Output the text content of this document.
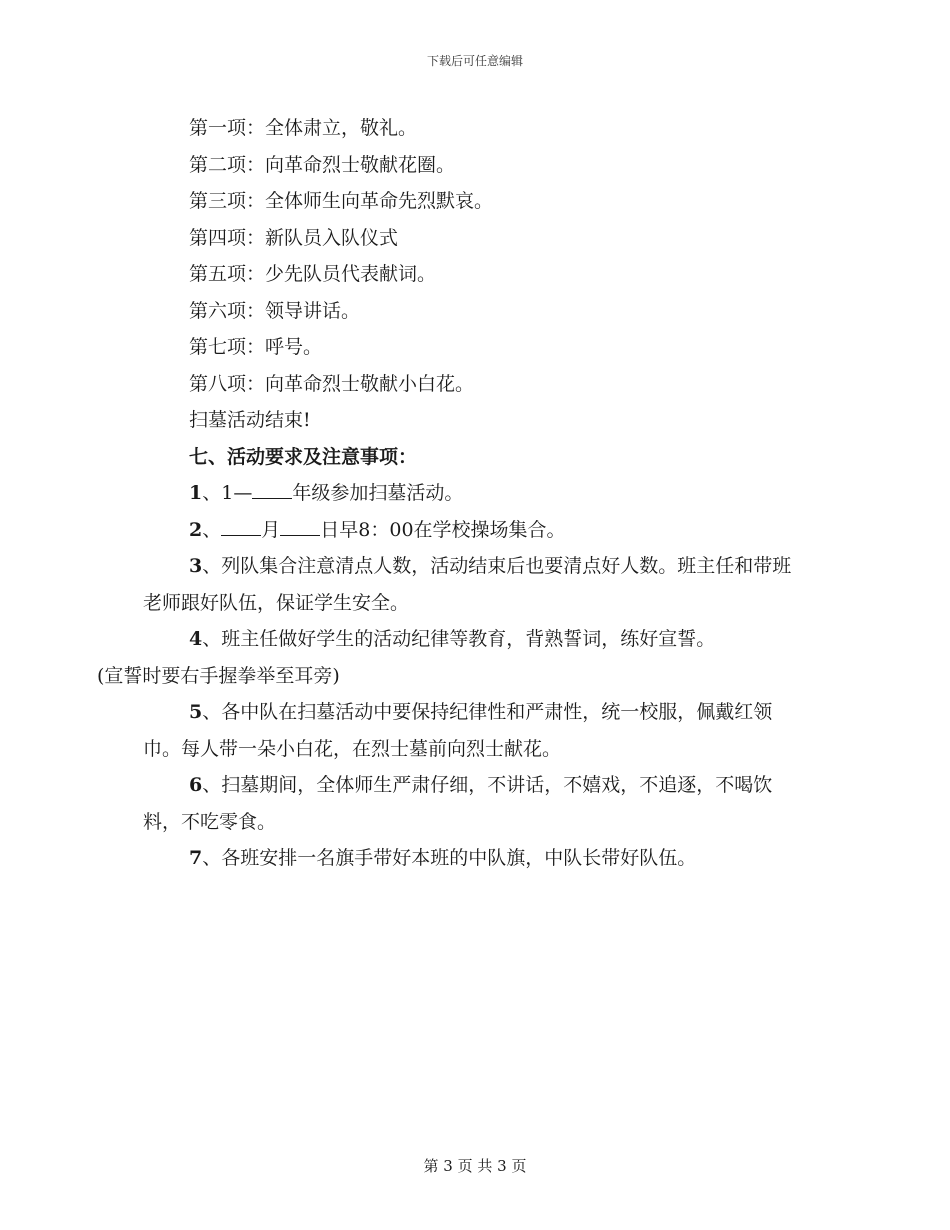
下载后可任意编辑
第一项：全体肃立，敬礼。
第二项：向革命烈士敬献花圈。
第三项：全体师生向革命先烈默哀。
第四项：新队员入队仪式
第五项：少先队员代表献词。
第六项：领导讲话。
第七项：呼号。
第八项：向革命烈士敬献小白花。
扫墓活动结束!
七、活动要求及注意事项：
1、1— 年级参加扫墓活动。
2、 月 日早8：00在学校操场集合。
3、列队集合注意清点人数，活动结束后也要清点好人数。班主任和带班老师跟好队伍，保证学生安全。
4、班主任做好学生的活动纪律等教育，背熟誓词，练好宣誓。
(宣誓时要右手握拳举至耳旁)
5、各中队在扫墓活动中要保持纪律性和严肃性，统一校服，佩戴红领巾。每人带一朵小白花，在烈士墓前向烈士献花。
6、扫墓期间，全体师生严肃仔细，不讲话，不嬉戏，不追逐，不喝饮料，不吃零食。
7、各班安排一名旗手带好本班的中队旗，中队长带好队伍。
第 3 页 共 3 页
